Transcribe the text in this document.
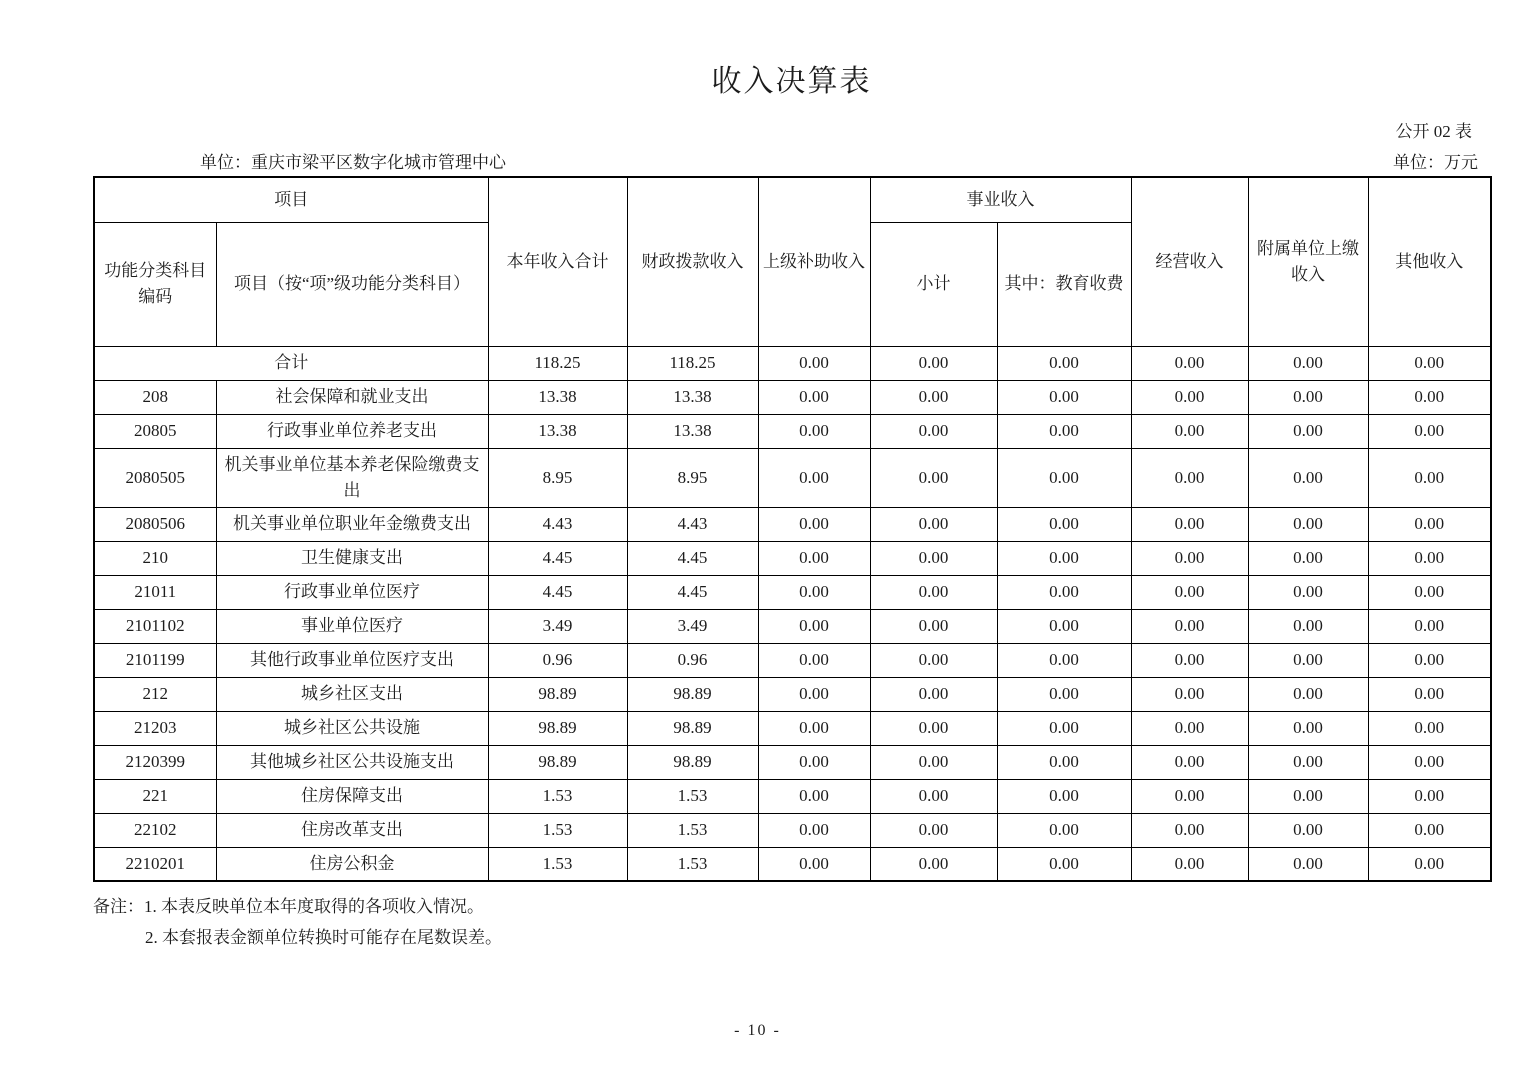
收入决算表
公开 02 表
单位：重庆市梁平区数字化城市管理中心	单位：万元
项目		本年收入合计	财政拨款收入	上级补助收入	事业收入		经营收入	附属单位上缴收入	其他收入
功能分类科目编码	项目（按“项”级功能分类科目）				小计	其中：教育收费			
合计		118.25	118.25	0.00	0.00	0.00	0.00	0.00	0.00
208	社会保障和就业支出	13.38	13.38	0.00	0.00	0.00	0.00	0.00	0.00
20805	行政事业单位养老支出	13.38	13.38	0.00	0.00	0.00	0.00	0.00	0.00
2080505	机关事业单位基本养老保险缴费支出	8.95	8.95	0.00	0.00	0.00	0.00	0.00	0.00
2080506	机关事业单位职业年金缴费支出	4.43	4.43	0.00	0.00	0.00	0.00	0.00	0.00
210	卫生健康支出	4.45	4.45	0.00	0.00	0.00	0.00	0.00	0.00
21011	行政事业单位医疗	4.45	4.45	0.00	0.00	0.00	0.00	0.00	0.00
2101102	事业单位医疗	3.49	3.49	0.00	0.00	0.00	0.00	0.00	0.00
2101199	其他行政事业单位医疗支出	0.96	0.96	0.00	0.00	0.00	0.00	0.00	0.00
212	城乡社区支出	98.89	98.89	0.00	0.00	0.00	0.00	0.00	0.00
21203	城乡社区公共设施	98.89	98.89	0.00	0.00	0.00	0.00	0.00	0.00
2120399	其他城乡社区公共设施支出	98.89	98.89	0.00	0.00	0.00	0.00	0.00	0.00
221	住房保障支出	1.53	1.53	0.00	0.00	0.00	0.00	0.00	0.00
22102	住房改革支出	1.53	1.53	0.00	0.00	0.00	0.00	0.00	0.00
2210201	住房公积金	1.53	1.53	0.00	0.00	0.00	0.00	0.00	0.00
备注：1. 本表反映单位本年度取得的各项收入情况。
2. 本套报表金额单位转换时可能存在尾数误差。
- 10 -
